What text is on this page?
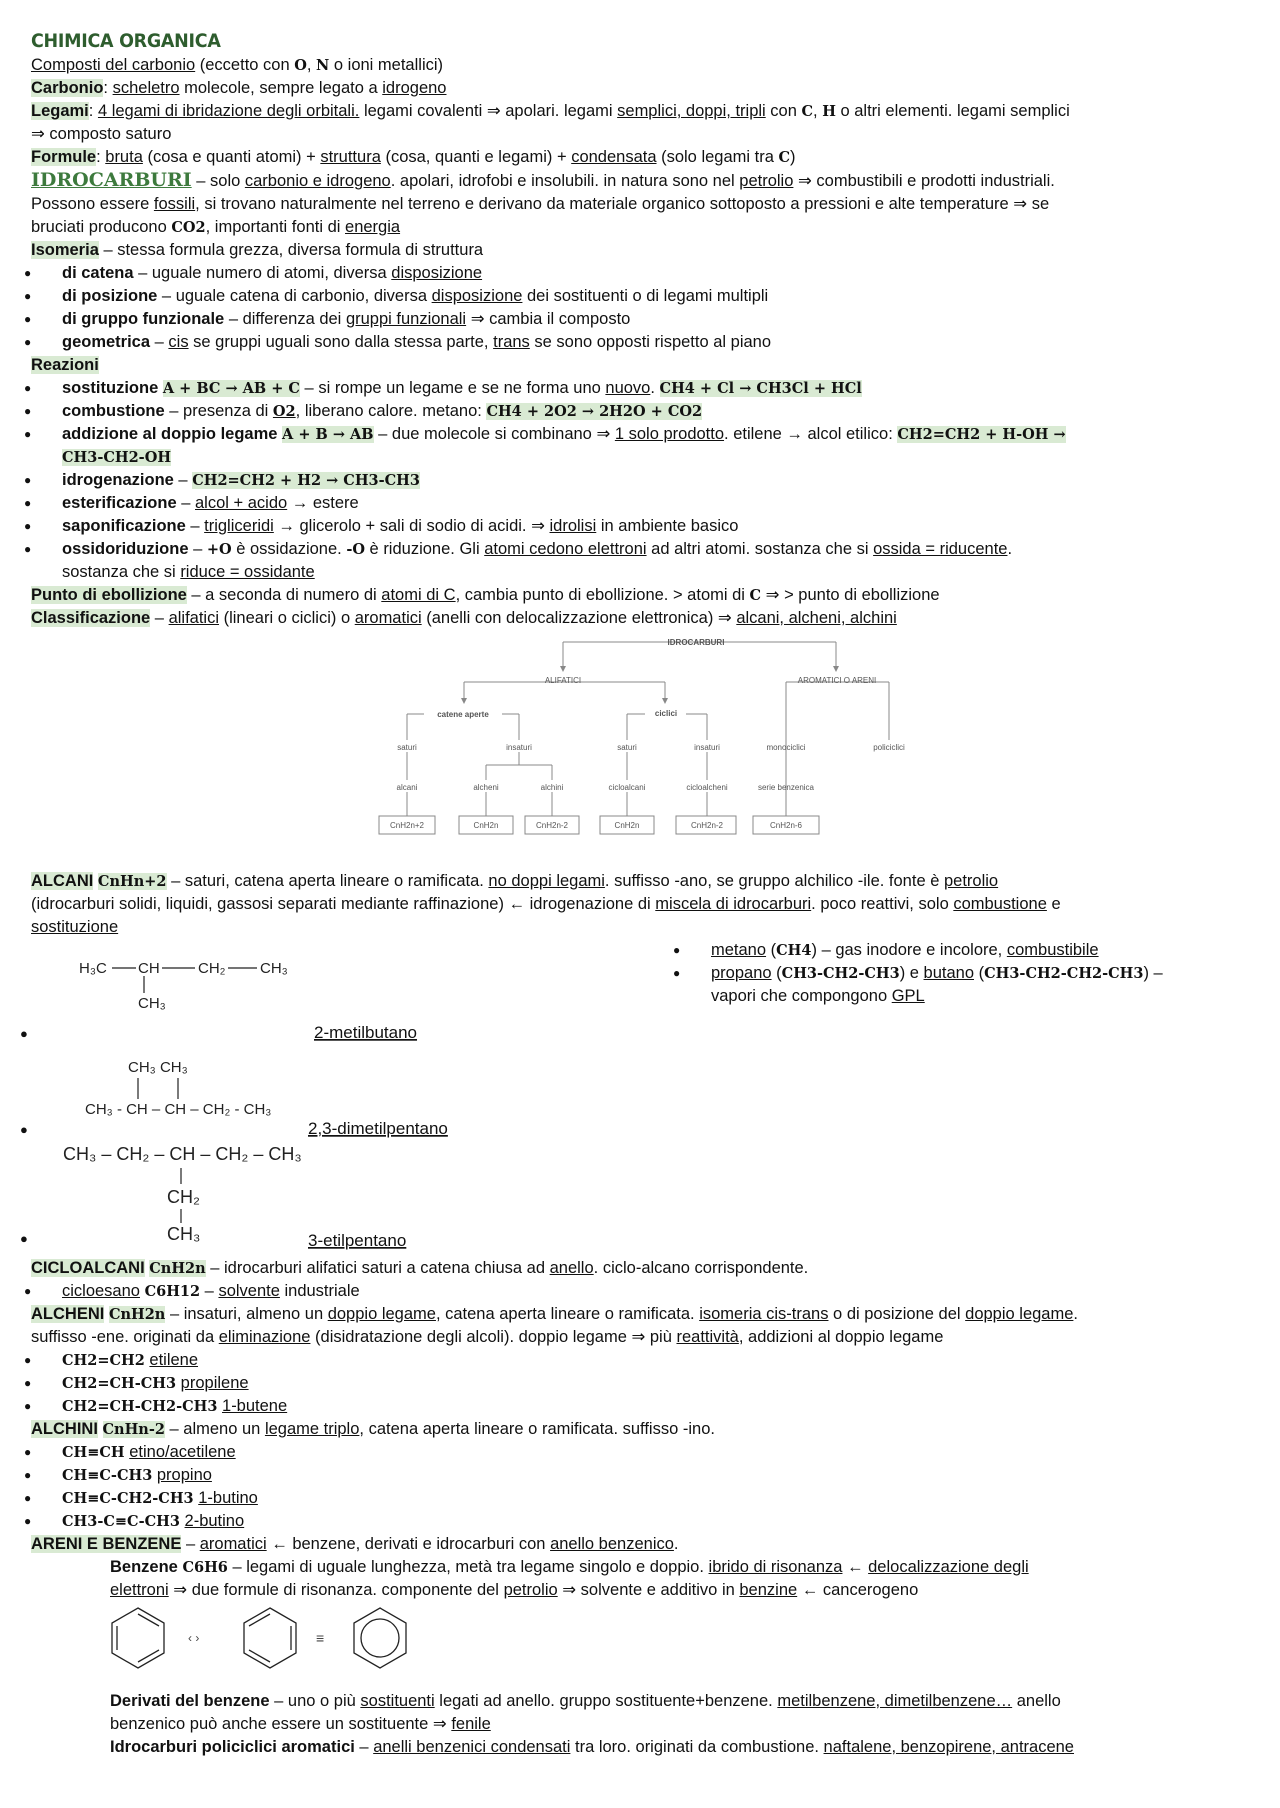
CHIMICA ORGANICA
Composti del carbonio (eccetto con O, N o ioni metallici)
Carbonio: scheletro molecole, sempre legato a idrogeno
Legami: 4 legami di ibridazione degli orbitali. legami covalenti ⇒ apolari. legami semplici, doppi, tripli con C, H o altri elementi. legami semplici
⇒ composto saturo
Formule: bruta (cosa e quanti atomi) + struttura (cosa, quanti e legami) + condensata (solo legami tra C)
IDROCARBURI – solo carbonio e idrogeno. apolari, idrofobi e insolubili. in natura sono nel petrolio ⇒ combustibili e prodotti industriali.
Possono essere fossili, si trovano naturalmente nel terreno e derivano da materiale organico sottoposto a pressioni e alte temperature ⇒ se
bruciati producono CO2, importanti fonti di energia
Isomeria – stessa formula grezza, diversa formula di struttura
● di catena – uguale numero di atomi, diversa disposizione
● di posizione – uguale catena di carbonio, diversa disposizione dei sostituenti o di legami multipli
● di gruppo funzionale – differenza dei gruppi funzionali ⇒ cambia il composto
● geometrica – cis se gruppi uguali sono dalla stessa parte, trans se sono opposti rispetto al piano
Reazioni
● sostituzione A + BC → AB + C – si rompe un legame e se ne forma uno nuovo. CH4 + Cl → CH3Cl + HCl
● combustione – presenza di O2, liberano calore. metano: CH4 + 2O2 → 2H2O + CO2
● addizione al doppio legame A + B → AB – due molecole si combinano ⇒ 1 solo prodotto. etilene → alcol etilico: CH2=CH2 + H-OH →
CH3-CH2-OH
● idrogenazione – CH2=CH2 + H2 → CH3-CH3
● esterificazione – alcol + acido → estere
● saponificazione – trigliceridi → glicerolo + sali di sodio di acidi. ⇒ idrolisi in ambiente basico
● ossidoriduzione – +O è ossidazione. -O è riduzione. Gli atomi cedono elettroni ad altri atomi. sostanza che si ossida = riducente.
sostanza che si riduce = ossidante
Punto di ebollizione – a seconda di numero di atomi di C, cambia punto di ebollizione. > atomi di C ⇒ > punto di ebollizione
Classificazione – alifatici (lineari o ciclici) o aromatici (anelli con delocalizzazione elettronica) ⇒ alcani, alcheni, alchini
IDROCARBURI
ALIFATICI	AROMATICI O ARENI
catene aperte	ciclici
saturi	insaturi	saturi	insaturi	monociclici	policiclici
alcani	alcheni	alchini	cicloalcani	cicloalcheni	serie benzenica
CnH2n+2	CnH2n	CnH2n-2	CnH2n	CnH2n-2	CnH2n-6
ALCANI CnHn+2 – saturi, catena aperta lineare o ramificata. no doppi legami. suffisso -ano, se gruppo alchilico -ile. fonte è petrolio
(idrocarburi solidi, liquidi, gassosi separati mediante raffinazione) ← idrogenazione di miscela di idrocarburi. poco reattivi, solo combustione e
sostituzione
● metano (CH4) – gas inodore e incolore, combustibile
● propano (CH3-CH2-CH3) e butano (CH3-CH2-CH2-CH3) –
vapori che compongono GPL
H₃C CH	CH₂ CH₃
CH₃
●	2-metilbutano
CH₃ CH₃
CH₃ - CH – CH – CH₂ - CH₃
●	2,3-dimetilpentano
CH₃ – CH₂ – CH – CH₂ – CH₃
CH₂
CH₃
●	3-etilpentano
CICLOALCANI CnH2n – idrocarburi alifatici saturi a catena chiusa ad anello. ciclo-alcano corrispondente.
● cicloesano C6H12 – solvente industriale
ALCHENI CnH2n – insaturi, almeno un doppio legame, catena aperta lineare o ramificata. isomeria cis-trans o di posizione del doppio legame.
suffisso -ene. originati da eliminazione (disidratazione degli alcoli). doppio legame ⇒ più reattività, addizioni al doppio legame
● CH2=CH2 etilene
● CH2=CH-CH3 propilene
● CH2=CH-CH2-CH3 1-butene
ALCHINI CnHn-2 – almeno un legame triplo, catena aperta lineare o ramificata. suffisso -ino.
● CH≡CH etino/acetilene
● CH≡C-CH3 propino
● CH≡C-CH2-CH3 1-butino
● CH3-C≡C-CH3 2-butino
ARENI E BENZENE – aromatici ← benzene, derivati e idrocarburi con anello benzenico.
Benzene C6H6 – legami di uguale lunghezza, metà tra legame singolo e doppio. ibrido di risonanza ← delocalizzazione degli
elettroni ⇒ due formule di risonanza. componente del petrolio ⇒ solvente e additivo in benzine ← cancerogeno
‹ ›	≡
Derivati del benzene – uno o più sostituenti legati ad anello. gruppo sostituente+benzene. metilbenzene, dimetilbenzene… anello
benzenico può anche essere un sostituente ⇒ fenile
Idrocarburi policiclici aromatici – anelli benzenici condensati tra loro. originati da combustione. naftalene, benzopirene, antracene
